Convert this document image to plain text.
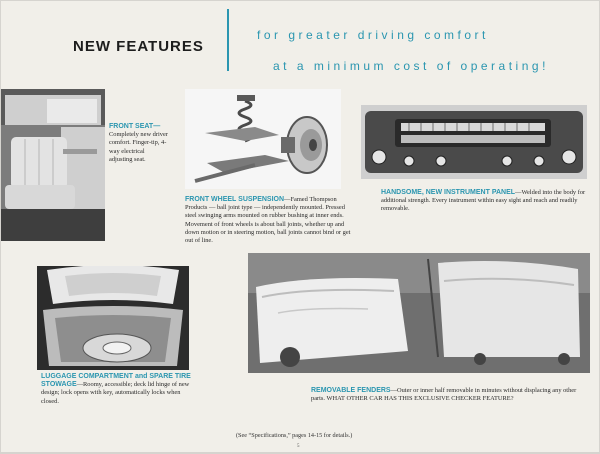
NEW FEATURES
for greater driving comfort
at a minimum cost of operating!
FRONT SEAT— Completely new driver comfort. Finger-tip, 4-way electrical adjusting seat.
FRONT WHEEL SUSPENSION—Famed Thompson Products — ball joint type — independently mounted. Pressed steel swinging arms mounted on rubber bushing at inner ends. Movement of front wheels is about ball joints, whether up and down motion or in steering motion, ball joints cannot bind or get out of line.
HANDSOME, NEW INSTRUMENT PANEL—Welded into the body for additional strength. Every instrument within easy sight and reach and readily removable.
LUGGAGE COMPARTMENT and SPARE TIRE STOWAGE—Roomy, accessible; deck lid hinge of new design; lock opens with key, automatically locks when closed.
REMOVABLE FENDERS—Outer or inner half removable in minutes without displacing any other parts. WHAT OTHER CAR HAS THIS EXCLUSIVE CHECKER FEATURE?
(See “Specifications,” pages 14-15 for details.)
5
